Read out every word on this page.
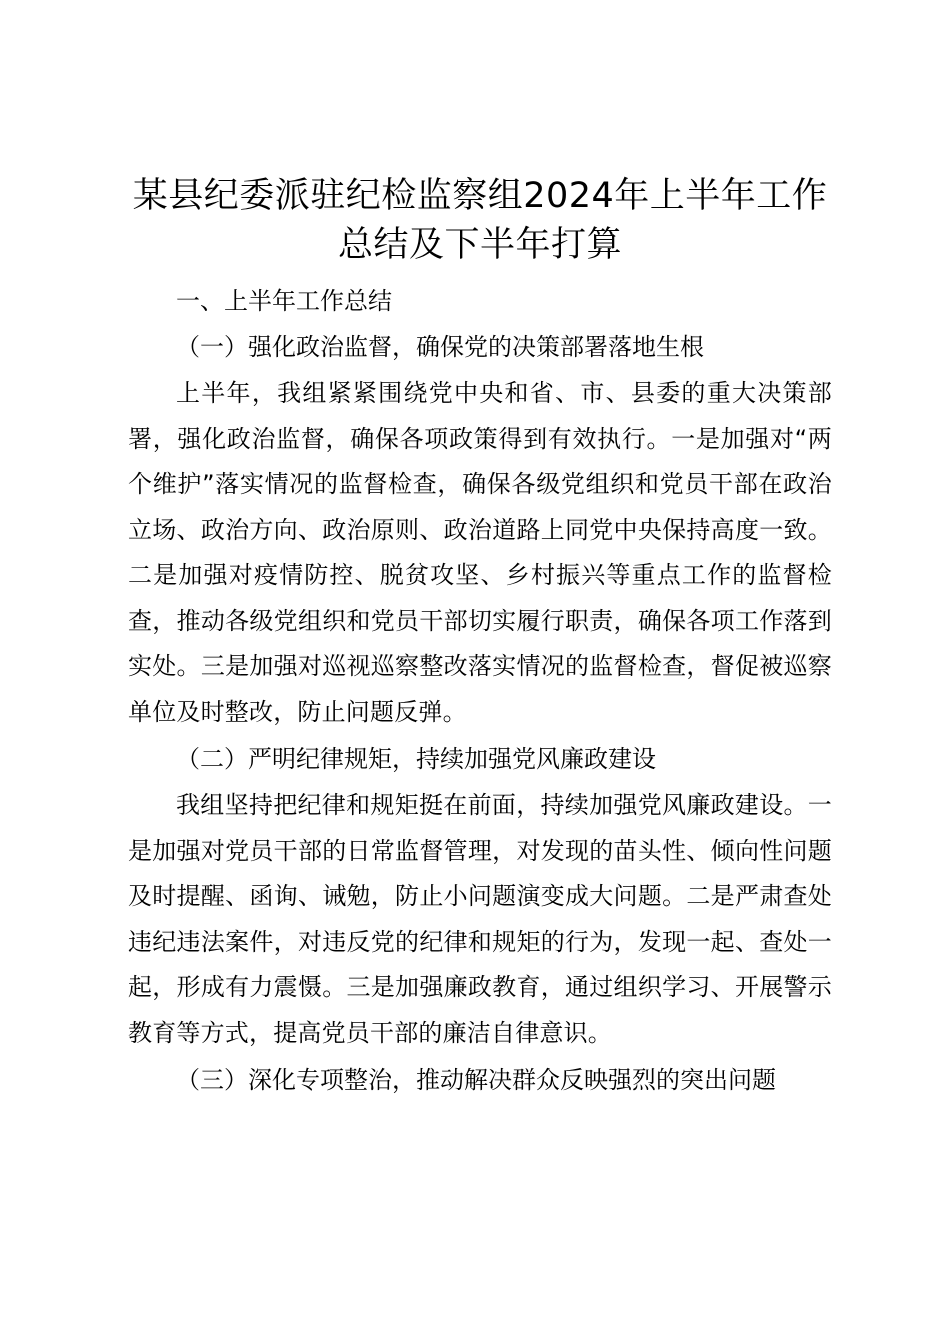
某县纪委派驻纪检监察组2024年上半年工作
总结及下半年打算

一、上半年工作总结

（一）强化政治监督，确保党的决策部署落地生根

上半年，我组紧紧围绕党中央和省、市、县委的重大决策部署，强化政治监督，确保各项政策得到有效执行。一是加强对“两个维护”落实情况的监督检查，确保各级党组织和党员干部在政治立场、政治方向、政治原则、政治道路上同党中央保持高度一致。二是加强对疫情防控、脱贫攻坚、乡村振兴等重点工作的监督检查，推动各级党组织和党员干部切实履行职责，确保各项工作落到实处。三是加强对巡视巡察整改落实情况的监督检查，督促被巡察单位及时整改，防止问题反弹。

（二）严明纪律规矩，持续加强党风廉政建设

我组坚持把纪律和规矩挺在前面，持续加强党风廉政建设。一是加强对党员干部的日常监督管理，对发现的苗头性、倾向性问题及时提醒、函询、诫勉，防止小问题演变成大问题。二是严肃查处违纪违法案件，对违反党的纪律和规矩的行为，发现一起、查处一起，形成有力震慑。三是加强廉政教育，通过组织学习、开展警示教育等方式，提高党员干部的廉洁自律意识。

（三）深化专项整治，推动解决群众反映强烈的突出问题
